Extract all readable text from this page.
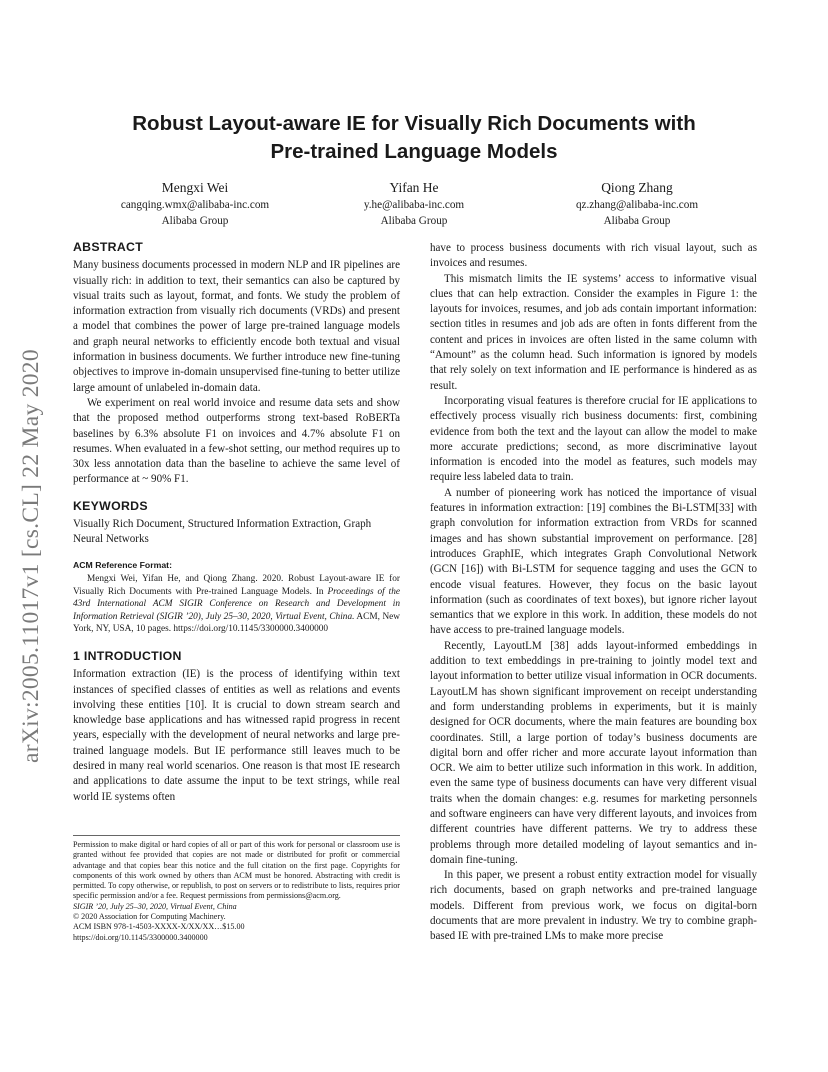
arXiv:2005.11017v1 [cs.CL] 22 May 2020
Robust Layout-aware IE for Visually Rich Documents with
Pre-trained Language Models
Mengxi Wei
cangqing.wmx@alibaba-inc.com
Alibaba Group
Yifan He
y.he@alibaba-inc.com
Alibaba Group
Qiong Zhang
qz.zhang@alibaba-inc.com
Alibaba Group
ABSTRACT

Many business documents processed in modern NLP and IR pipelines are visually rich: in addition to text, their semantics can also be captured by visual traits such as layout, format, and fonts. We study the problem of information extraction from visually rich documents (VRDs) and present a model that combines the power of large pre-trained language models and graph neural networks to efficiently encode both textual and visual information in business documents. We further introduce new fine-tuning objectives to improve in-domain unsupervised fine-tuning to better utilize large amount of unlabeled in-domain data.

We experiment on real world invoice and resume data sets and show that the proposed method outperforms strong text-based RoBERTa baselines by 6.3% absolute F1 on invoices and 4.7% absolute F1 on resumes. When evaluated in a few-shot setting, our method requires up to 30x less annotation data than the baseline to achieve the same level of performance at ~ 90% F1.

KEYWORDS

Visually Rich Document, Structured Information Extraction, Graph Neural Networks

ACM Reference Format:

Mengxi Wei, Yifan He, and Qiong Zhang. 2020. Robust Layout-aware IE for Visually Rich Documents with Pre-trained Language Models. In Proceedings of the 43rd International ACM SIGIR Conference on Research and Development in Information Retrieval (SIGIR ’20), July 25–30, 2020, Virtual Event, China. ACM, New York, NY, USA, 10 pages. https://doi.org/10.1145/3300000.3400000

1 INTRODUCTION

Information extraction (IE) is the process of identifying within text instances of specified classes of entities as well as relations and events involving these entities [10]. It is crucial to down stream search and knowledge base applications and has witnessed rapid progress in recent years, especially with the development of neural networks and large pre-trained language models. But IE performance still leaves much to be desired in many real world scenarios. One reason is that most IE research and applications to date assume the input to be text strings, while real world IE systems often

Permission to make digital or hard copies of all or part of this work for personal or classroom use is granted without fee provided that copies are not made or distributed for profit or commercial advantage and that copies bear this notice and the full citation on the first page. Copyrights for components of this work owned by others than ACM must be honored. Abstracting with credit is permitted. To copy otherwise, or republish, to post on servers or to redistribute to lists, requires prior specific permission and/or a fee. Request permissions from permissions@acm.org.
SIGIR ’20, July 25–30, 2020, Virtual Event, China
© 2020 Association for Computing Machinery.
ACM ISBN 978-1-4503-XXXX-X/XX/XX…$15.00
https://doi.org/10.1145/3300000.3400000

have to process business documents with rich visual layout, such as invoices and resumes.

This mismatch limits the IE systems’ access to informative visual clues that can help extraction. Consider the examples in Figure 1: the layouts for invoices, resumes, and job ads contain important information: section titles in resumes and job ads are often in fonts different from the content and prices in invoices are often listed in the same column with “Amount” as the column head. Such information is ignored by models that rely solely on text information and IE performance is hindered as as result.

Incorporating visual features is therefore crucial for IE applications to effectively process visually rich business documents: first, combining evidence from both the text and the layout can allow the model to make more accurate predictions; second, as more discriminative layout information is encoded into the model as features, such models may require less labeled data to train.

A number of pioneering work has noticed the importance of visual features in information extraction: [19] combines the Bi-LSTM[33] with graph convolution for information extraction from VRDs for scanned images and has shown substantial improvement on performance. [28] introduces GraphIE, which integrates Graph Convolutional Network (GCN [16]) with Bi-LSTM for sequence tagging and uses the GCN to encode visual features. However, they focus on the basic layout information (such as coordinates of text boxes), but ignore richer layout semantics that we explore in this work. In addition, these models do not have access to pre-trained language models.

Recently, LayoutLM [38] adds layout-informed embeddings in addition to text embeddings in pre-training to jointly model text and layout information to better utilize visual information in OCR documents. LayoutLM has shown significant improvement on receipt understanding and form understanding problems in experiments, but it is mainly designed for OCR documents, where the main features are bounding box coordinates. Still, a large portion of today’s business documents are digital born and offer richer and more accurate layout information than OCR. We aim to better utilize such information in this work. In addition, even the same type of business documents can have very different visual traits when the domain changes: e.g. resumes for marketing personnels and software engineers can have very different layouts, and invoices from different countries have different patterns. We try to address these problems through more detailed modeling of layout semantics and in-domain fine-tuning.

In this paper, we present a robust entity extraction model for visually rich documents, based on graph networks and pre-trained language models. Different from previous work, we focus on digital-born documents that are more prevalent in industry. We try to combine graph-based IE with pre-trained LMs to make more precise
